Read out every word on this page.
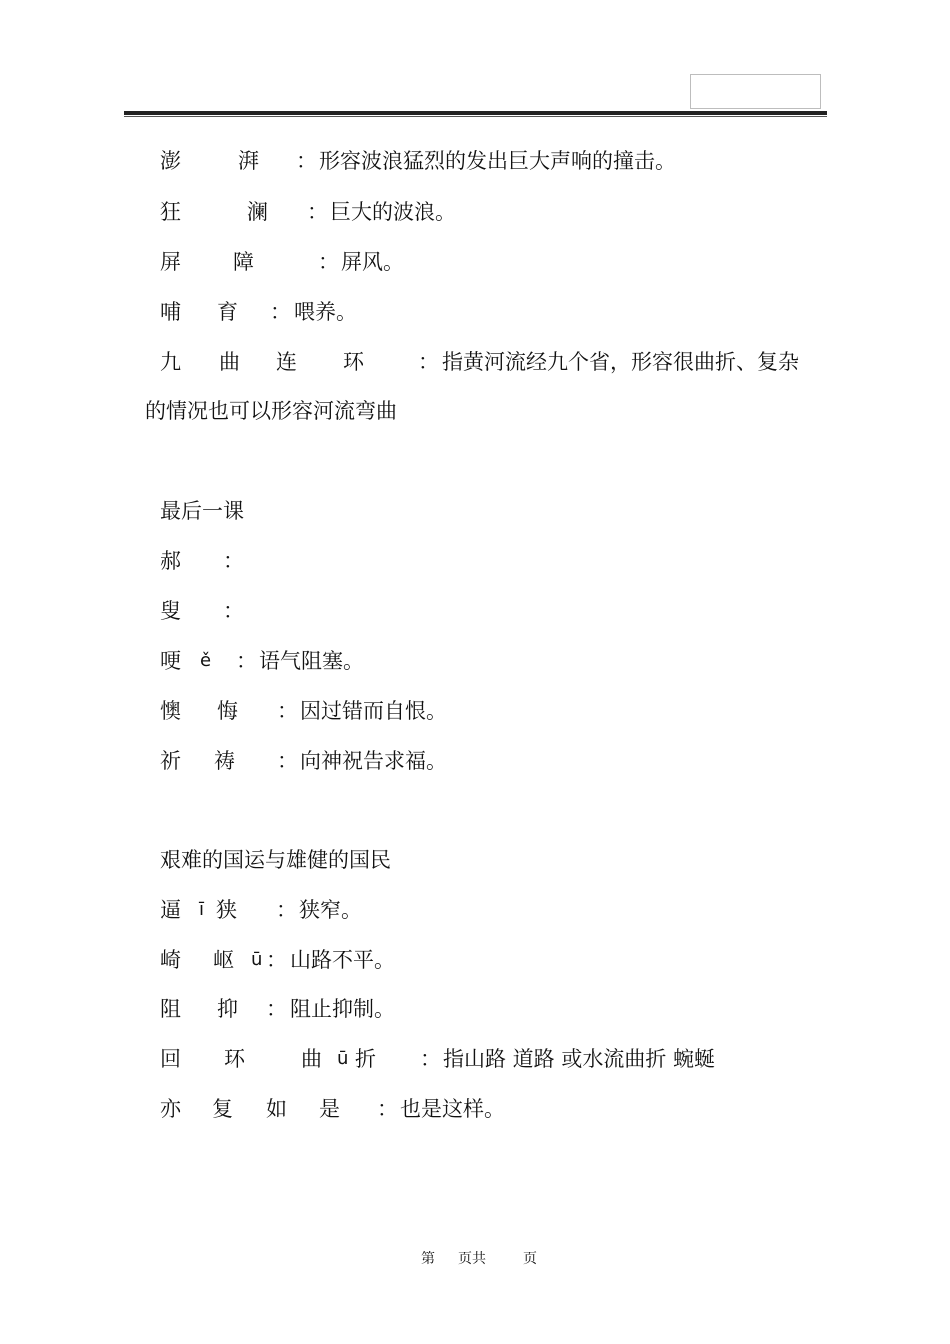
澎	湃 ： 形容波浪猛烈的发出巨大声响的撞击。
狂	澜 ： 巨大的波浪。
屏 障	： 屏风。
哺 育 ： 喂养。
九 曲 连 环	： 指黄河流经九个省，形容很曲折、复杂
的情况也可以形容河流弯曲
最后一课
郝 ：
叟 ：
哽 ě ： 语气阻塞。
懊 悔 ： 因过错而自恨。
祈 祷 ： 向神祝告求福。
艰难的国运与雄健的国民
逼 ī 狭 ： 狭窄。
崎 岖 ū ： 山路不平。
阻 抑 ： 阻止抑制。
回 环	曲 ū 折 ： 指山路 道路 或水流曲折 蜿蜒
亦 复 如 是 ： 也是这样。
第 页共	页
